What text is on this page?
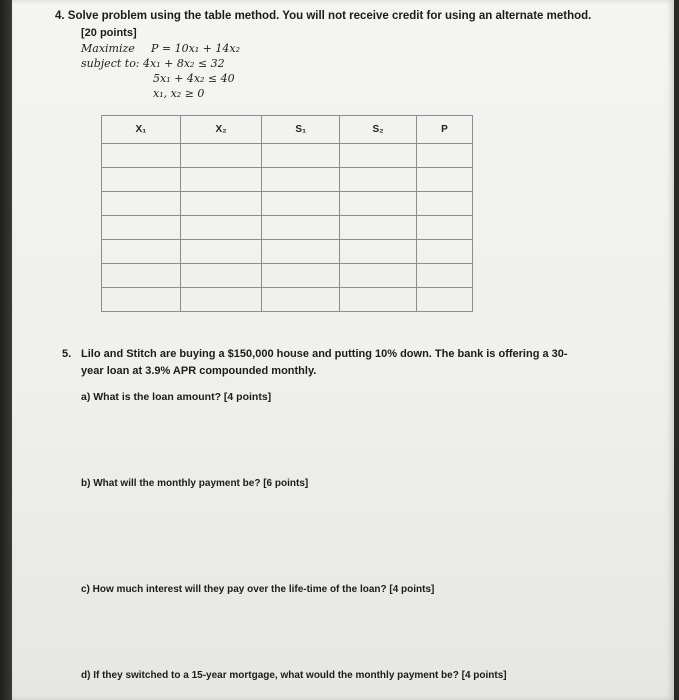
4. Solve problem using the table method. You will not receive credit for using an alternate method.
[20 points]
Maximize P = 10x₁ + 14x₂
subject to: 4x₁ + 8x₂ ≤ 32
5x₁ + 4x₂ ≤ 40
x₁, x₂ ≥ 0
X₁	X₂	S₁	S₂	P

5. Lilo and Stitch are buying a $150,000 house and putting 10% down. The bank is offering a 30-
year loan at 3.9% APR compounded monthly.
a) What is the loan amount? [4 points]
b) What will the monthly payment be? [6 points]
c) How much interest will they pay over the life-time of the loan? [4 points]
d) If they switched to a 15-year mortgage, what would the monthly payment be? [4 points]
